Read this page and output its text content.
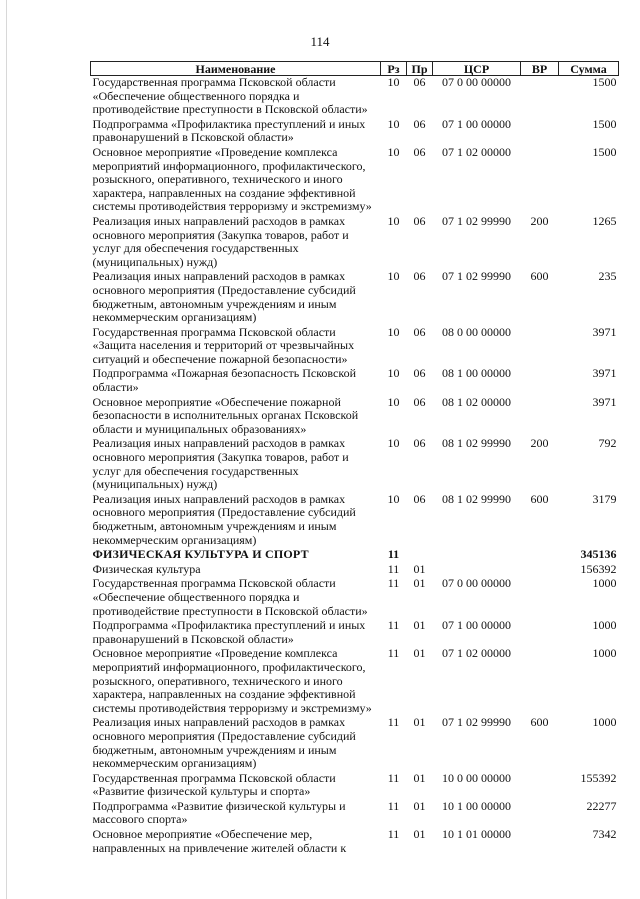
114
Наименование	Рз	Пр	ЦСР	ВР	Сумма
Государственная программа Псковской области «Обеспечение общественного порядка и противодействие преступности в Псковской области»	10	06	07 0 00 00000		1500
Подпрограмма «Профилактика преступлений и иных правонарушений в Псковской области»	10	06	07 1 00 00000		1500
Основное мероприятие «Проведение комплекса мероприятий информационного, профилактического, розыскного, оперативного, технического и иного характера, направленных на создание эффективной системы противодействия терроризму и экстремизму»	10	06	07 1 02 00000		1500
Реализация иных направлений расходов в рамках основного мероприятия (Закупка товаров, работ и услуг для обеспечения государственных (муниципальных) нужд)	10	06	07 1 02 99990	200	1265
Реализация иных направлений расходов в рамках основного мероприятия (Предоставление субсидий бюджетным, автономным учреждениям и иным некоммерческим организациям)	10	06	07 1 02 99990	600	235
Государственная программа Псковской области «Защита населения и территорий от чрезвычайных ситуаций и обеспечение пожарной безопасности»	10	06	08 0 00 00000		3971
Подпрограмма «Пожарная безопасность Псковской области»	10	06	08 1 00 00000		3971
Основное мероприятие «Обеспечение пожарной безопасности в исполнительных органах Псковской области и муниципальных образованиях»	10	06	08 1 02 00000		3971
Реализация иных направлений расходов в рамках основного мероприятия (Закупка товаров, работ и услуг для обеспечения государственных (муниципальных) нужд)	10	06	08 1 02 99990	200	792
Реализация иных направлений расходов в рамках основного мероприятия (Предоставление субсидий бюджетным, автономным учреждениям и иным некоммерческим организациям)	10	06	08 1 02 99990	600	3179
ФИЗИЧЕСКАЯ КУЛЬТУРА И СПОРТ	11				345136
Физическая культура	11	01			156392
Государственная программа Псковской области «Обеспечение общественного порядка и противодействие преступности в Псковской области»	11	01	07 0 00 00000		1000
Подпрограмма «Профилактика преступлений и иных правонарушений в Псковской области»	11	01	07 1 00 00000		1000
Основное мероприятие «Проведение комплекса мероприятий информационного, профилактического, розыскного, оперативного, технического и иного характера, направленных на создание эффективной системы противодействия терроризму и экстремизму»	11	01	07 1 02 00000		1000
Реализация иных направлений расходов в рамках основного мероприятия (Предоставление субсидий бюджетным, автономным учреждениям и иным некоммерческим организациям)	11	01	07 1 02 99990	600	1000
Государственная программа Псковской области «Развитие физической культуры и спорта»	11	01	10 0 00 00000		155392
Подпрограмма «Развитие физической культуры и массового спорта»	11	01	10 1 00 00000		22277
Основное мероприятие «Обеспечение мер, направленных на привлечение жителей области к	11	01	10 1 01 00000		7342
